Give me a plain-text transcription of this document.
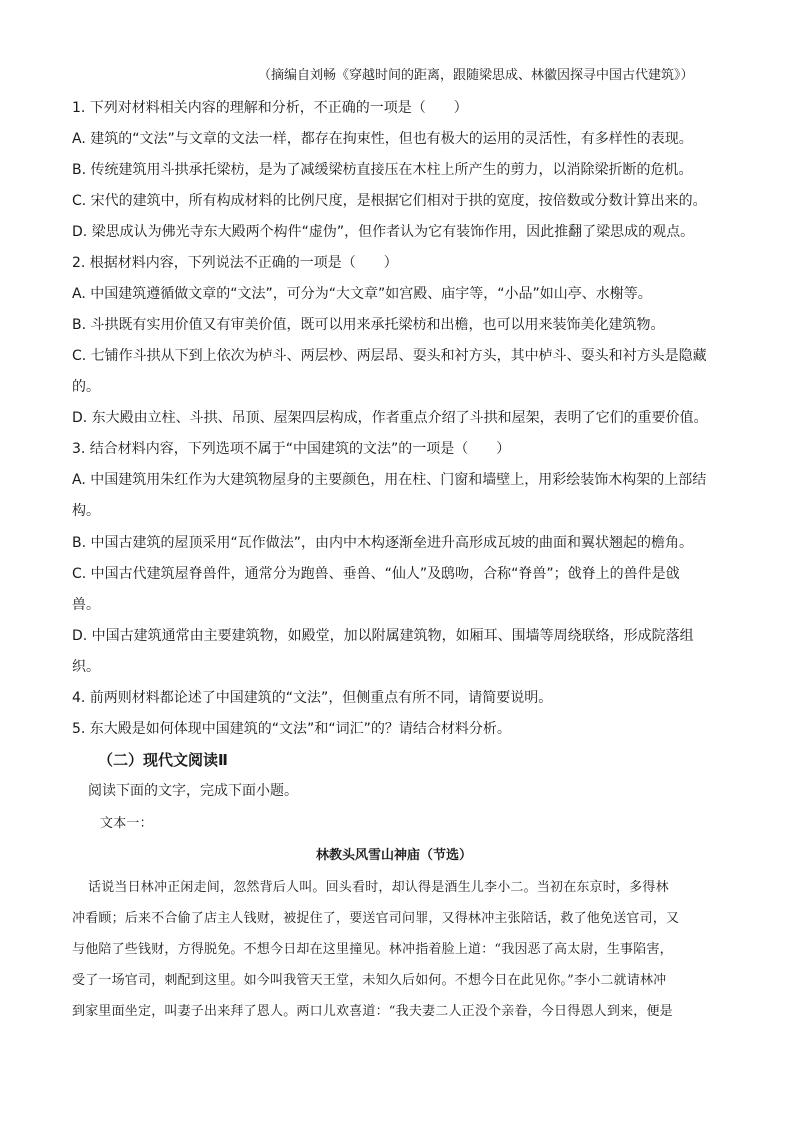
（摘编自刘畅《穿越时间的距离，跟随梁思成、林徽因探寻中国古代建筑》）
1. 下列对材料相关内容的理解和分析，不正确的一项是（　　）
A. 建筑的“文法”与文章的文法一样，都存在拘束性，但也有极大的运用的灵活性，有多样性的表现。
B. 传统建筑用斗拱承托梁枋，是为了减缓梁枋直接压在木柱上所产生的剪力，以消除梁折断的危机。
C. 宋代的建筑中，所有构成材料的比例尺度，是根据它们相对于拱的宽度，按倍数或分数计算出来的。
D. 梁思成认为佛光寺东大殿两个构件“虚伪”，但作者认为它有装饰作用，因此推翻了梁思成的观点。
2. 根据材料内容，下列说法不正确的一项是（　　）
A. 中国建筑遵循做文章的“文法”，可分为“大文章”如宫殿、庙宇等，“小品”如山亭、水榭等。
B. 斗拱既有实用价值又有审美价值，既可以用来承托梁枋和出檐，也可以用来装饰美化建筑物。
C. 七铺作斗拱从下到上依次为栌斗、两层杪、两层昂、耍头和衬方头，其中栌斗、耍头和衬方头是隐藏
的。
D. 东大殿由立柱、斗拱、吊顶、屋架四层构成，作者重点介绍了斗拱和屋架，表明了它们的重要价值。
3. 结合材料内容，下列选项不属于“中国建筑的文法”的一项是（　　）
A. 中国建筑用朱红作为大建筑物屋身的主要颜色，用在柱、门窗和墙壁上，用彩绘装饰木构架的上部结
构。
B. 中国古建筑的屋顶采用“瓦作做法”，由内中木构逐渐垒进升高形成瓦坡的曲面和翼状翘起的檐角。
C. 中国古代建筑屋脊兽件，通常分为跑兽、垂兽、“仙人”及鸱吻，合称“脊兽”；戗脊上的兽件是戗
兽。
D. 中国古建筑通常由主要建筑物，如殿堂，加以附属建筑物，如厢耳、围墙等周绕联络，形成院落组
织。
4. 前两则材料都论述了中国建筑的“文法”，但侧重点有所不同，请简要说明。
5. 东大殿是如何体现中国建筑的“文法”和“词汇”的？请结合材料分析。
（二）现代文阅读Ⅱ
阅读下面的文字，完成下面小题。
文本一：
林教头风雪山神庙（节选）
话说当日林冲正闲走间，忽然背后人叫。回头看时，却认得是酒生儿李小二。当初在东京时，多得林
冲看顾；后来不合偷了店主人钱财，被捉住了，要送官司问罪，又得林冲主张陪话，救了他免送官司，又
与他陪了些钱财，方得脱免。不想今日却在这里撞见。林冲指着脸上道：“我因恶了高太尉，生事陷害，
受了一场官司，刺配到这里。如今叫我管天王堂，未知久后如何。不想今日在此见你。”李小二就请林冲
到家里面坐定，叫妻子出来拜了恩人。两口儿欢喜道：“我夫妻二人正没个亲眷，今日得恩人到来，便是
